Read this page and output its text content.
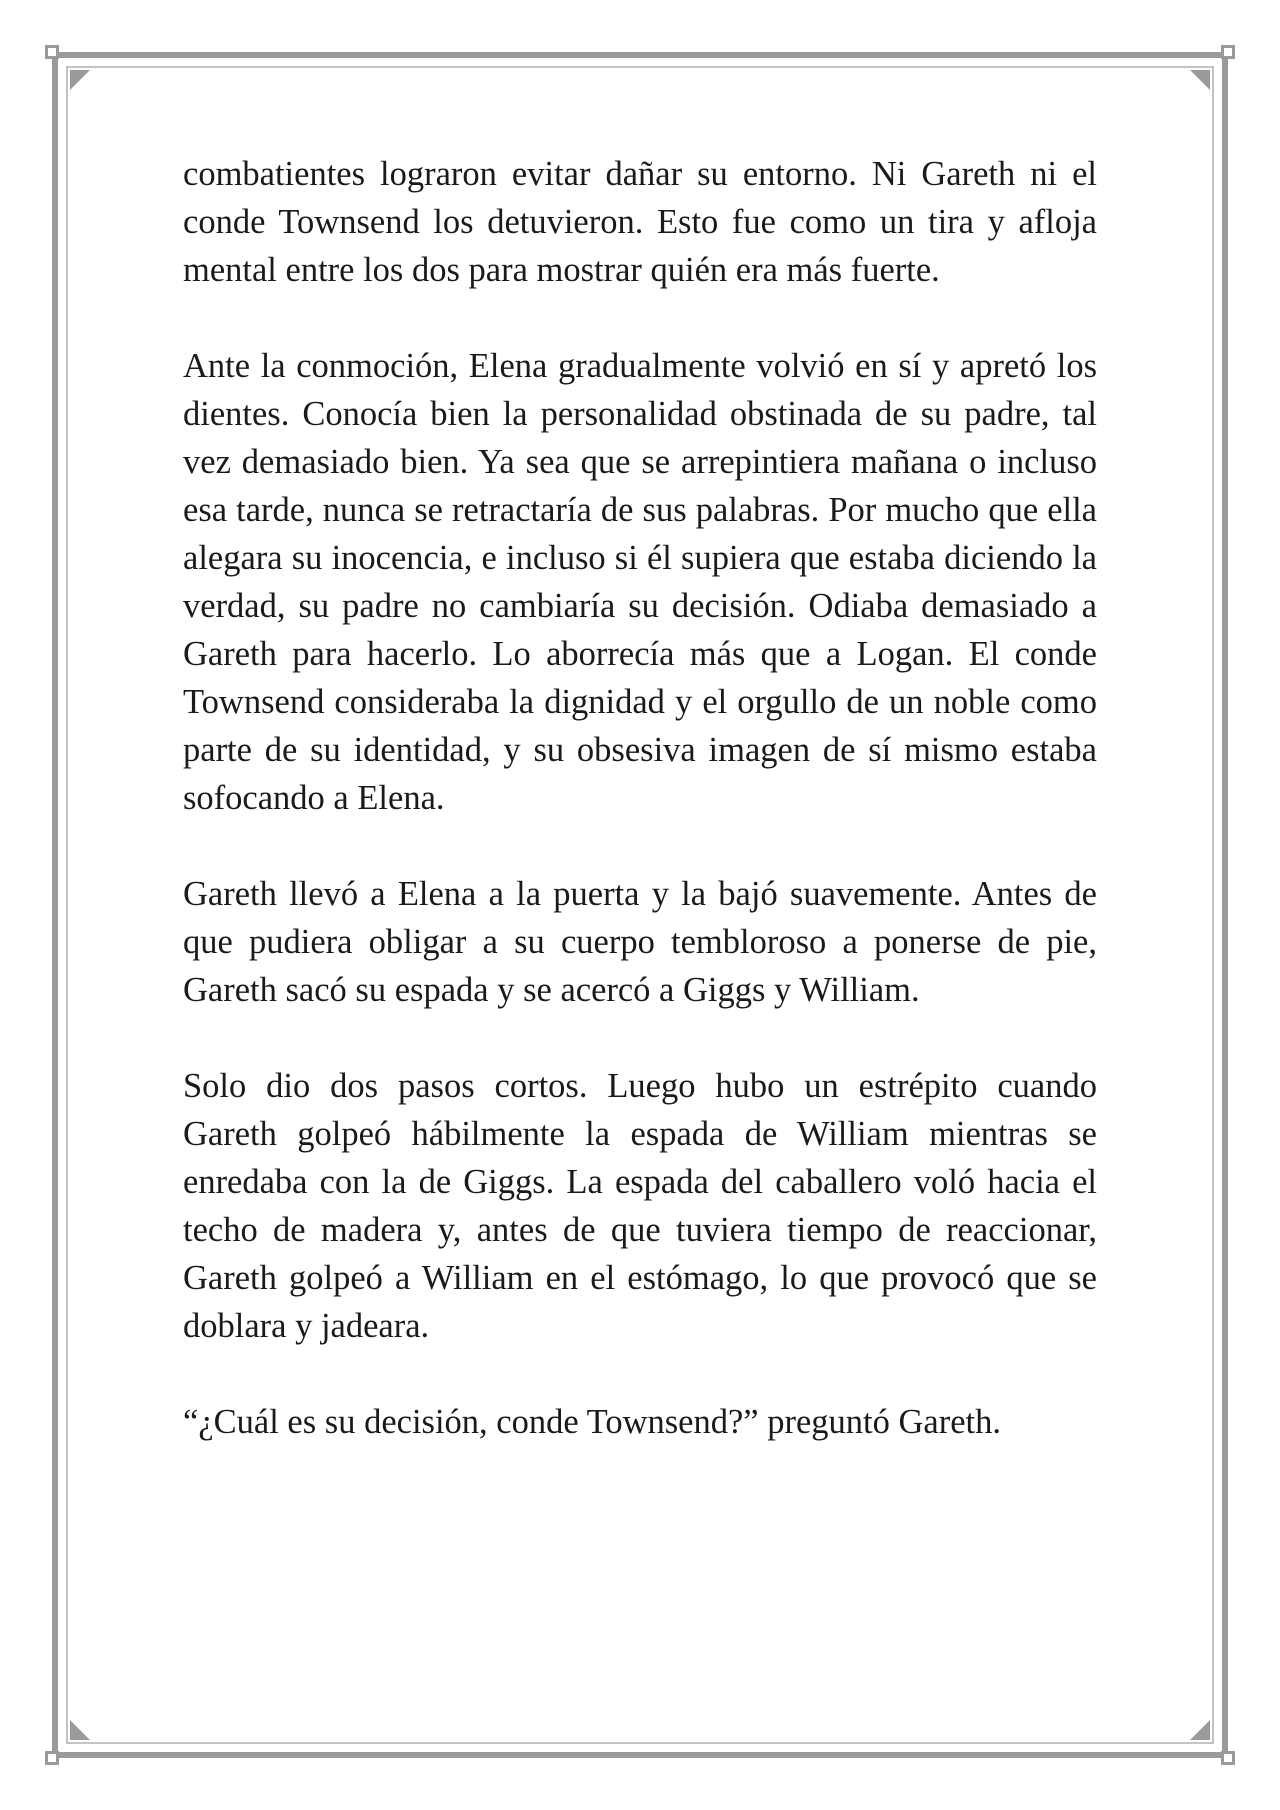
combatientes lograron evitar dañar su entorno. Ni Gareth ni el conde Townsend los detuvieron. Esto fue como un tira y afloja mental entre los dos para mostrar quién era más fuerte.

Ante la conmoción, Elena gradualmente volvió en sí y apretó los dientes. Conocía bien la personalidad obstinada de su padre, tal vez demasiado bien. Ya sea que se arrepintiera mañana o incluso esa tarde, nunca se retractaría de sus palabras. Por mucho que ella alegara su inocencia, e incluso si él supiera que estaba diciendo la verdad, su padre no cambiaría su decisión. Odiaba demasiado a Gareth para hacerlo. Lo aborrecía más que a Logan. El conde Townsend consideraba la dignidad y el orgullo de un noble como parte de su identidad, y su obsesiva imagen de sí mismo estaba sofocando a Elena.

Gareth llevó a Elena a la puerta y la bajó suavemente. Antes de que pudiera obligar a su cuerpo tembloroso a ponerse de pie, Gareth sacó su espada y se acercó a Giggs y William.

Solo dio dos pasos cortos. Luego hubo un estrépito cuando Gareth golpeó hábilmente la espada de William mientras se enredaba con la de Giggs. La espada del caballero voló hacia el techo de madera y, antes de que tuviera tiempo de reaccionar, Gareth golpeó a William en el estómago, lo que provocó que se doblara y jadeara.

“¿Cuál es su decisión, conde Townsend?” preguntó Gareth.
